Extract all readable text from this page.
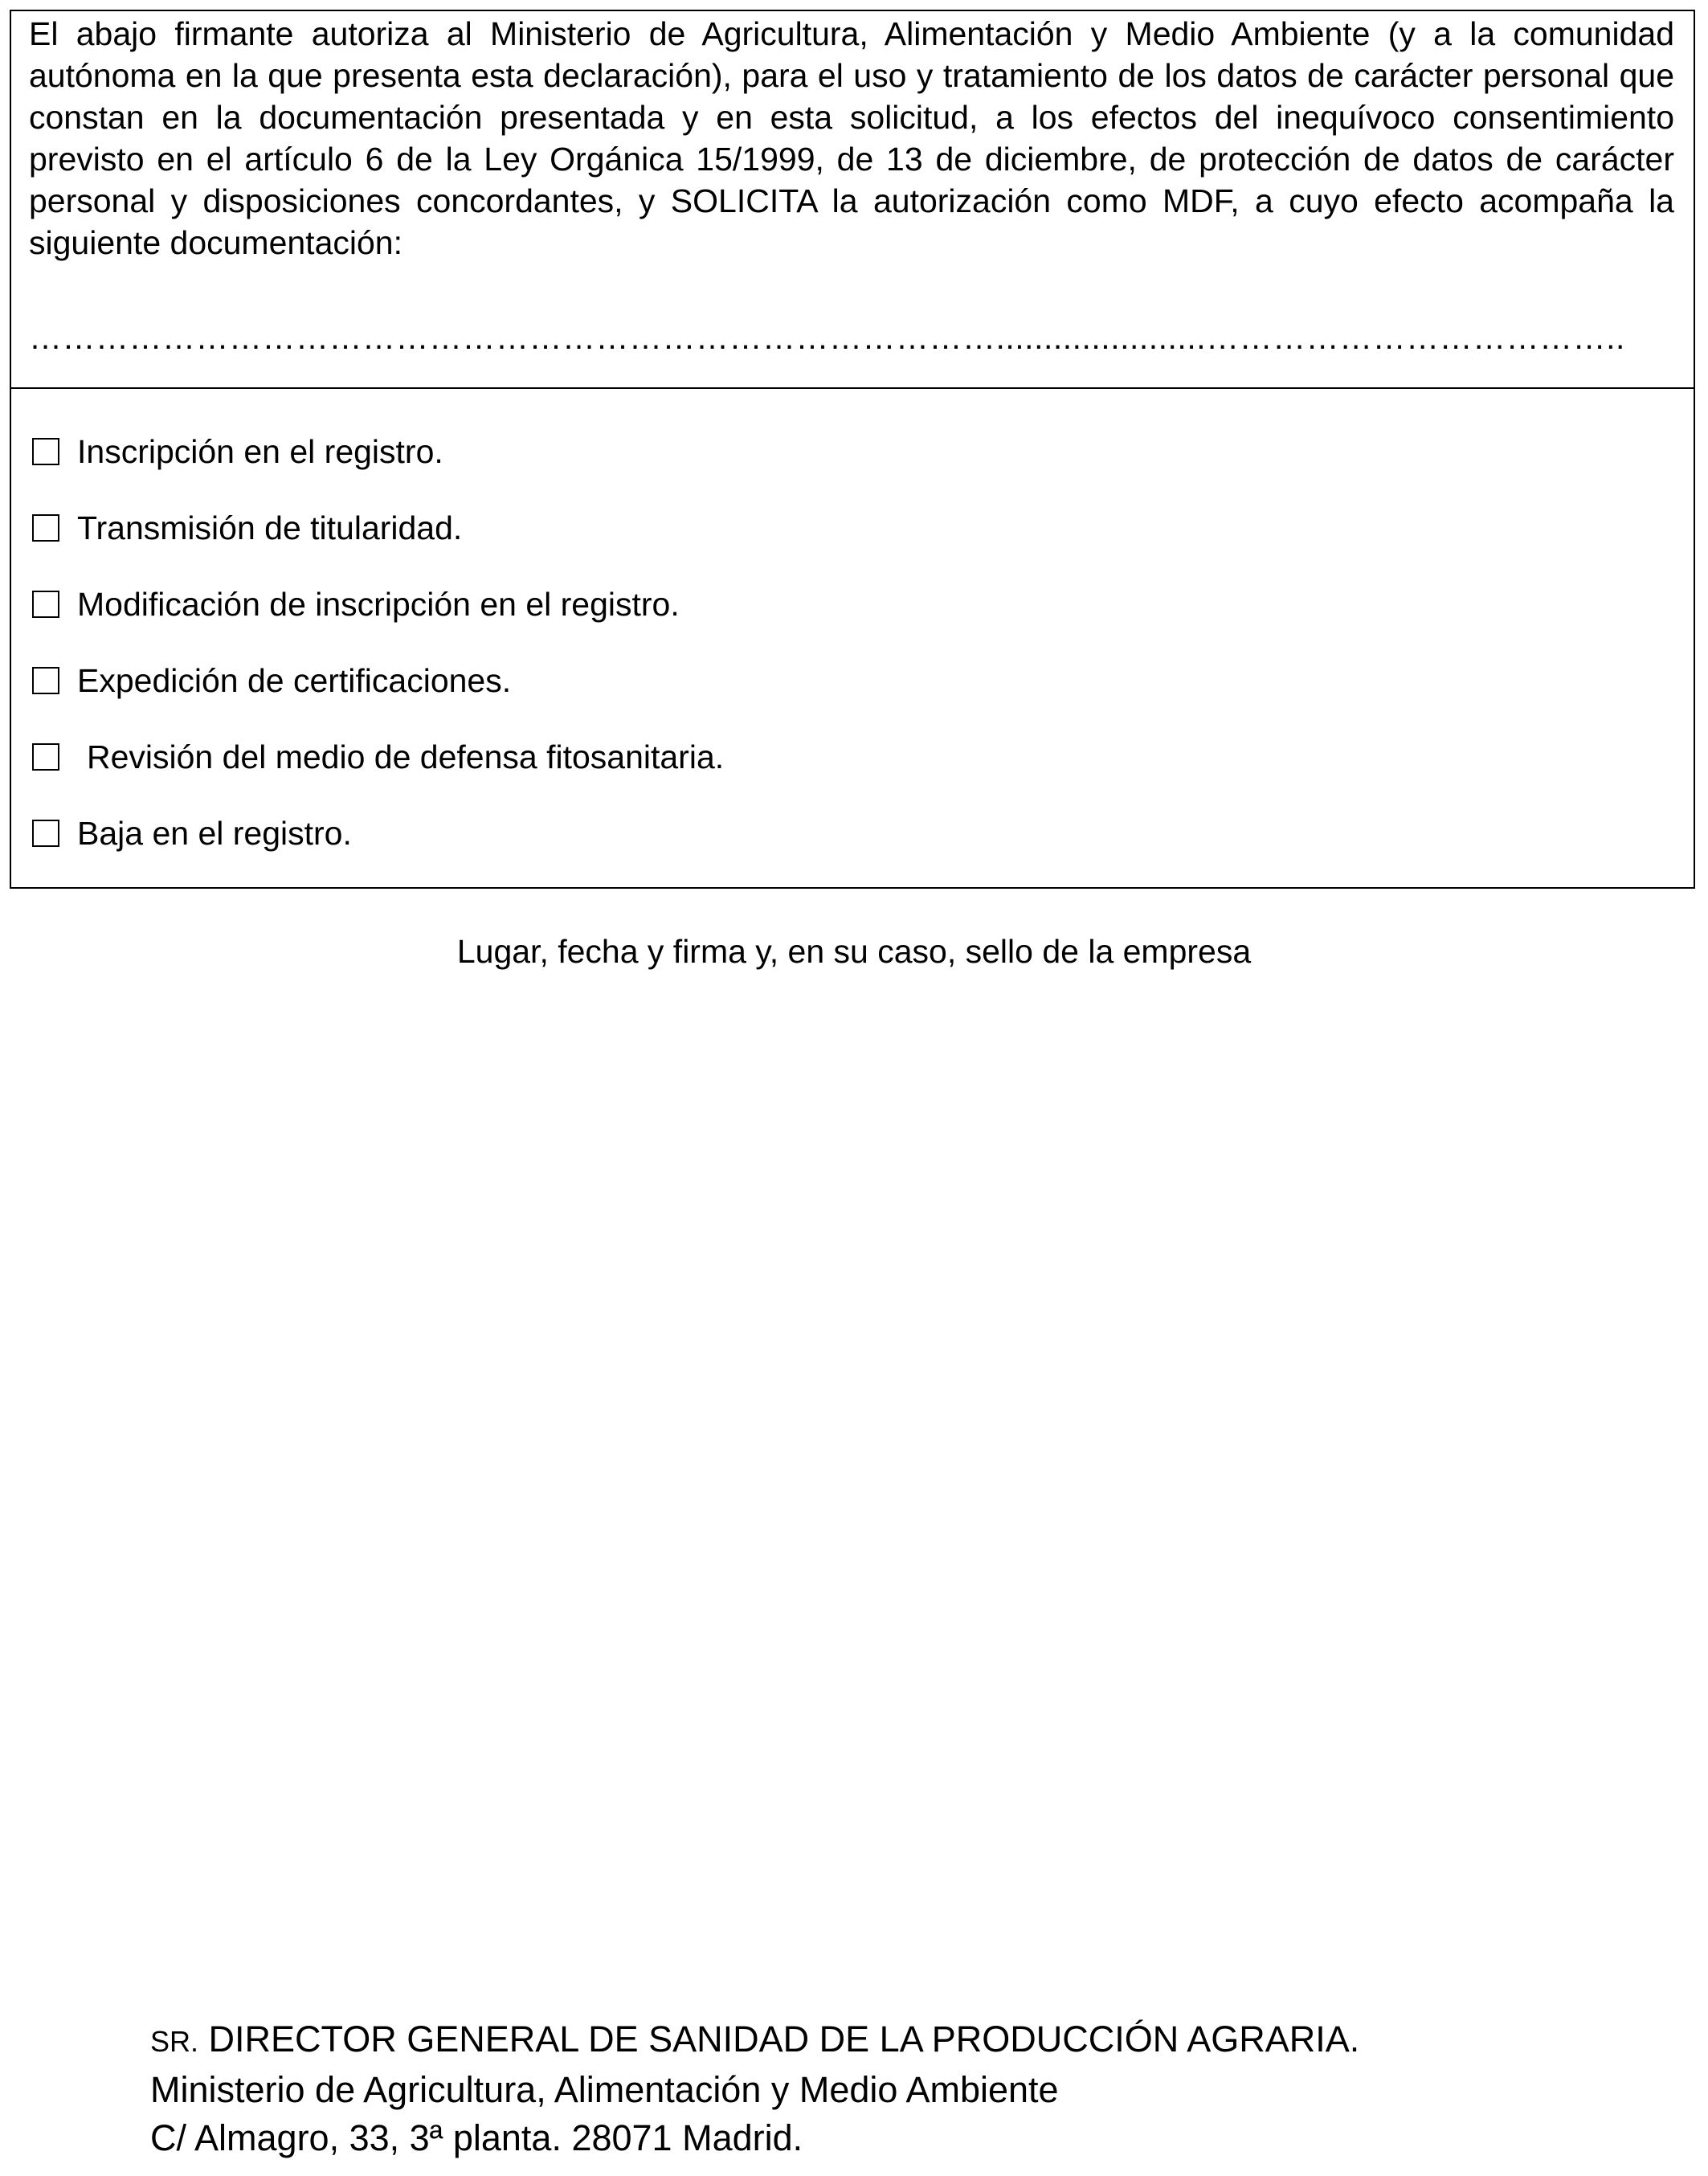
El abajo firmante autoriza al Ministerio de Agricultura, Alimentación y Medio Ambiente (y a la comunidad autónoma en la que presenta esta declaración), para el uso y tratamiento de los datos de carácter personal que constan en la documentación presentada y en esta solicitud, a los efectos del inequívoco consentimiento previsto en el artículo 6 de la Ley Orgánica 15/1999, de 13 de diciembre, de protección de datos de carácter personal y disposiciones concordantes, y SOLICITA la autorización como MDF, a cuyo efecto acompaña la siguiente documentación:

……………………………………………………………………………......................………………………………..
Inscripción en el registro.
Transmisión de titularidad.
Modificación de inscripción en el registro.
Expedición de certificaciones.
Revisión del medio de defensa fitosanitaria.
Baja en el registro.
Lugar, fecha y firma y, en su caso, sello de la empresa
SR. DIRECTOR GENERAL DE SANIDAD DE LA PRODUCCIÓN AGRARIA.
Ministerio de Agricultura, Alimentación y Medio Ambiente
C/ Almagro, 33, 3ª planta. 28071 Madrid.
